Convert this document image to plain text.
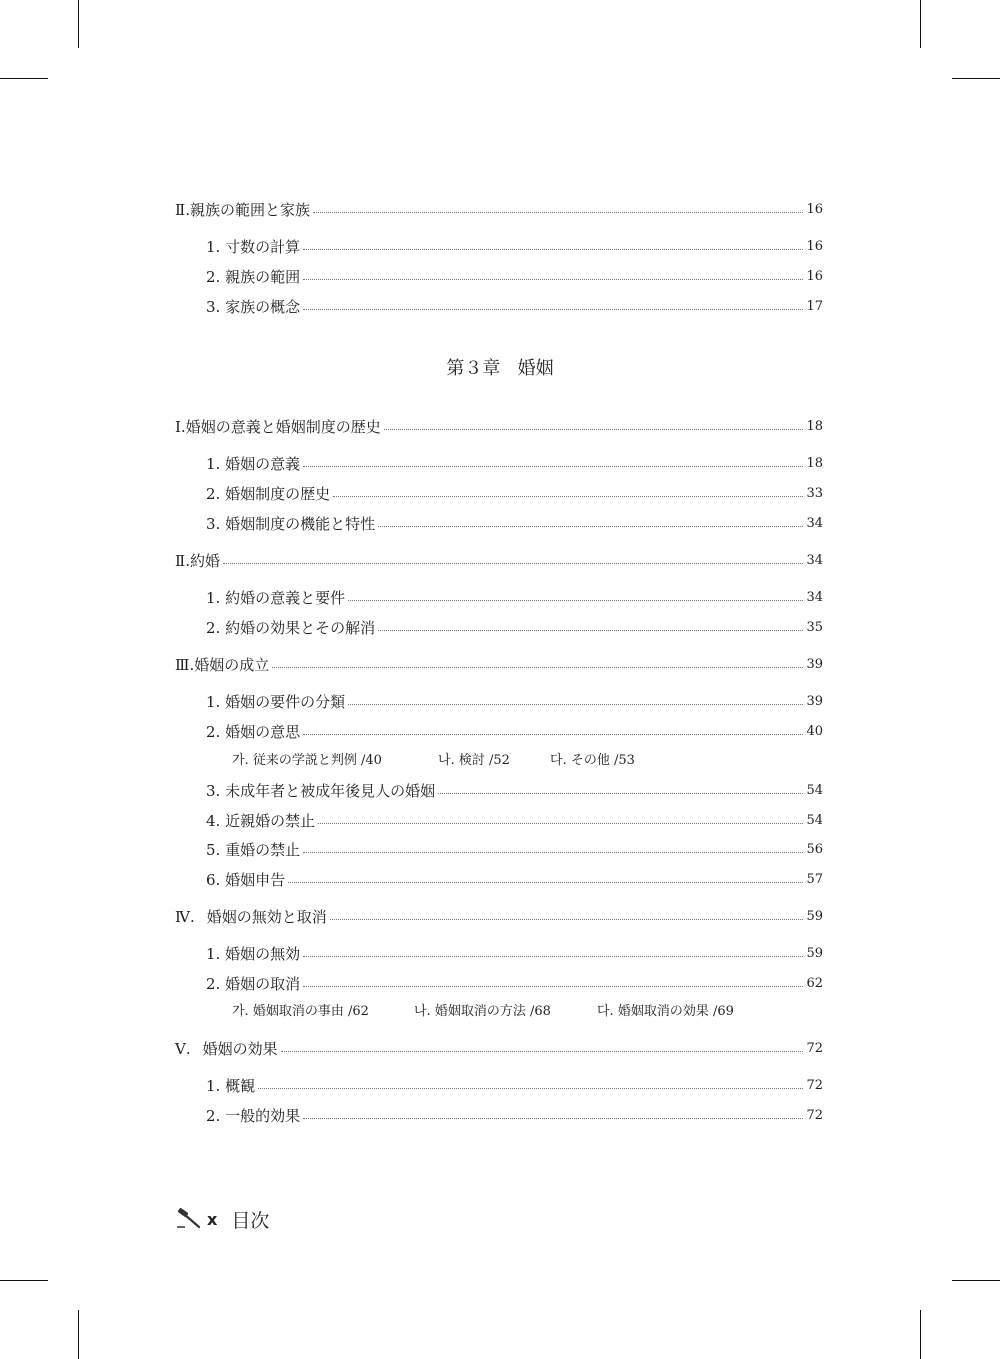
Ⅱ. 親族の範囲と家族	16
1. 寸数の計算	16
2. 親族の範囲	16
3. 家族の概念	17
第３章 婚姻
Ⅰ. 婚姻の意義と婚姻制度の歴史	18
1. 婚姻の意義	18
2. 婚姻制度の歴史	33
3. 婚姻制度の機能と特性	34
Ⅱ. 約婚	34
1. 約婚の意義と要件	34
2. 約婚の効果とその解消	35
Ⅲ. 婚姻の成立	39
1. 婚姻の要件の分類	39
2. 婚姻の意思	40
가. 従来の学説と判例 /40	나. 検討 /52	다. その他 /53
3. 未成年者と被成年後見人の婚姻	54
4. 近親婚の禁止	54
5. 重婚の禁止	56
6. 婚姻申告	57
Ⅳ. 婚姻の無効と取消	59
1. 婚姻の無効	59
2. 婚姻の取消	62
가. 婚姻取消の事由 /62	나. 婚姻取消の方法 /68	다. 婚姻取消の効果 /69
Ⅴ. 婚姻の効果	72
1. 概観	72
2. 一般的効果	72
x 目次
